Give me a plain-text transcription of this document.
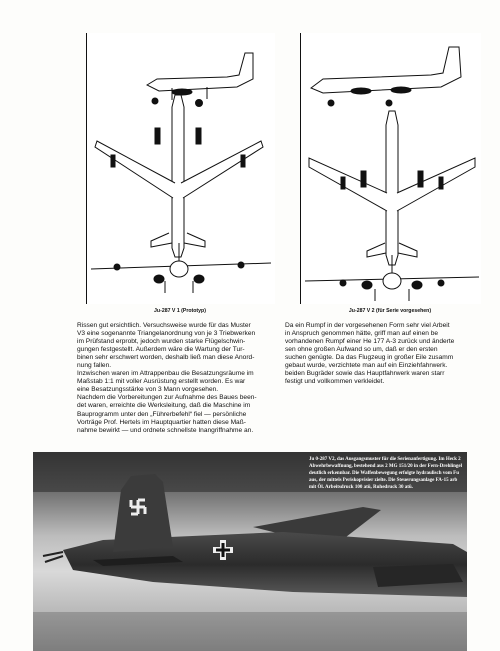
Ju-287 V 1 (Prototyp)	Ju-287 V 2 (für Serie vorgesehen)

Rissen gut ersichtlich. Versuchsweise wurde für das Muster

V3 eine sogenannte Triangelanordnung von je 3 Triebwerken

im Prüfstand erprobt, jedoch wurden starke Flügelschwin-

gungen festgestellt. Außerdem wäre die Wartung der Tur-

binen sehr erschwert worden, deshalb ließ man diese Anord-

nung fallen.

Inzwischen waren im Attrappenbau die Besatzungsräume im

Maßstab 1:1 mit voller Ausrüstung erstellt worden. Es war

eine Besatzungsstärke von 3 Mann vorgesehen.

Nachdem die Vorbereitungen zur Aufnahme des Baues been-

det waren, erreichte die Werksleitung, daß die Maschine im

Bauprogramm unter den „Führerbefehl“ fiel — persönliche

Vorträge Prof. Hertels im Hauptquartier hatten diese Maß-

nahme bewirkt — und ordnete schnellste Inangriffnahme an.

Da ein Rumpf in der vorgesehenen Form sehr viel Arbeit

in Anspruch genommen hätte, griff man auf einen be

vorhandenen Rumpf einer He 177 A-3 zurück und änderte

sen ohne großen Aufwand so um, daß er den ersten

suchen genügte. Da das Flugzeug in großer Eile zusamm

gebaut wurde, verzichtete man auf ein Einziehfahrwerk.

beiden Bugräder sowie das Hauptfahrwerk waren starr

festigt und vollkommen verkleidet.

Ju 0-287 V2, das Ausgangsmuster für die Serienanfertigung. Im Heck 2

Abwehrbewaffnung, bestehend aus 2 MG 151/20 in der Fern-Drehlingel

deutlich erkennbar. Die Waffenbewegung erfolgte hydraulisch vom Fu

aus, der mittels Periskopvisier zielte. Die Steuerungsanlage FA-15 arb

mit Öl. Arbeitsdruck 100 atü, Ruhedruck 30 atü.
